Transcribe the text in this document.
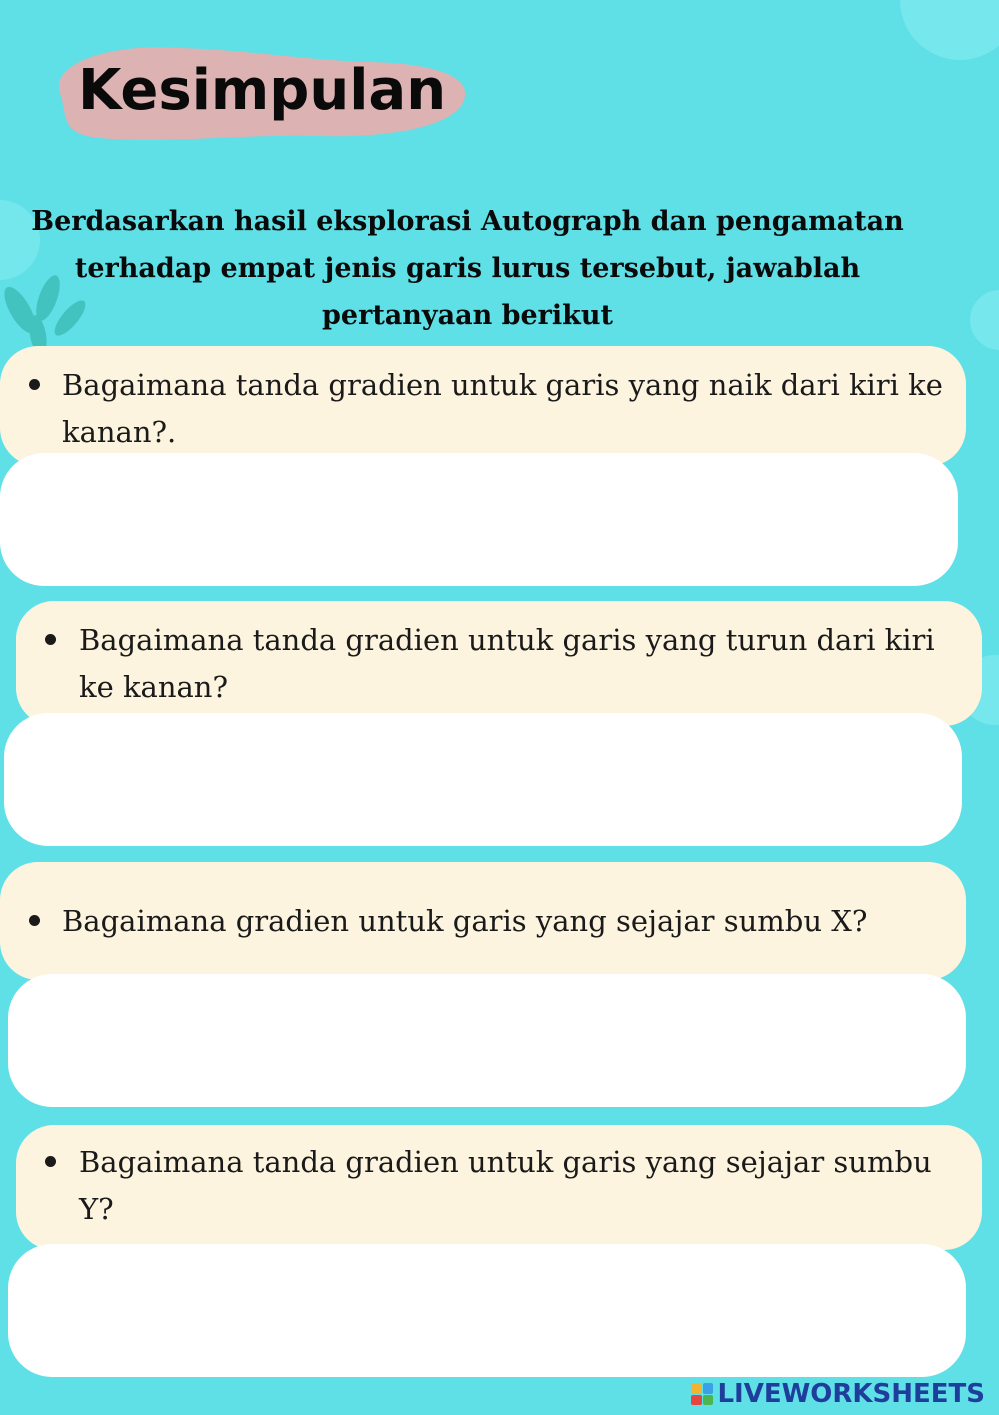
Kesimpulan

Berdasarkan hasil eksplorasi Autograph dan pengamatan terhadap empat jenis garis lurus tersebut, jawablah pertanyaan berikut

Bagaimana tanda gradien untuk garis yang naik dari kiri ke kanan?.

Bagaimana tanda gradien untuk garis yang turun dari kiri ke kanan?

Bagaimana gradien untuk garis yang sejajar sumbu X?

Bagaimana tanda gradien untuk garis yang sejajar sumbu Y?

LIVEWORKSHEETS
